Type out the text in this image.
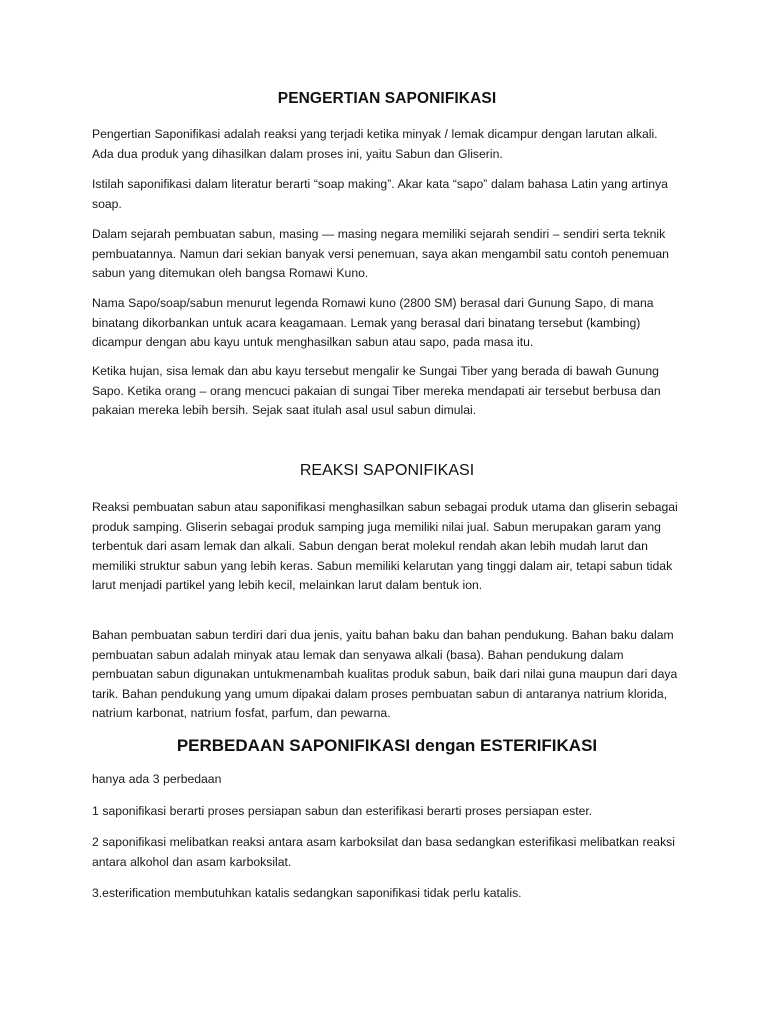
PENGERTIAN SAPONIFIKASI

Pengertian Saponifikasi adalah reaksi yang terjadi ketika minyak / lemak dicampur dengan larutan alkali. Ada dua produk yang dihasilkan dalam proses ini, yaitu Sabun dan Gliserin.

Istilah saponifikasi dalam literatur berarti “soap making”. Akar kata “sapo” dalam bahasa Latin yang artinya soap.

Dalam sejarah pembuatan sabun, masing — masing negara memiliki sejarah sendiri – sendiri serta teknik pembuatannya. Namun dari sekian banyak versi penemuan, saya akan mengambil satu contoh penemuan sabun yang ditemukan oleh bangsa Romawi Kuno.

Nama Sapo/soap/sabun menurut legenda Romawi kuno (2800 SM) berasal dari Gunung Sapo, di mana binatang dikorbankan untuk acara keagamaan. Lemak yang berasal dari binatang tersebut (kambing) dicampur dengan abu kayu untuk menghasilkan sabun atau sapo, pada masa itu.

Ketika hujan, sisa lemak dan abu kayu tersebut mengalir ke Sungai Tiber yang berada di bawah Gunung Sapo. Ketika orang – orang mencuci pakaian di sungai Tiber mereka mendapati air tersebut berbusa dan pakaian mereka lebih bersih. Sejak saat itulah asal usul sabun dimulai.

REAKSI SAPONIFIKASI

Reaksi pembuatan sabun atau saponifikasi menghasilkan sabun sebagai produk utama dan gliserin sebagai produk samping. Gliserin sebagai produk samping juga memiliki nilai jual. Sabun merupakan garam yang terbentuk dari asam lemak dan alkali. Sabun dengan berat molekul rendah akan lebih mudah larut dan memiliki struktur sabun yang lebih keras. Sabun memiliki kelarutan yang tinggi dalam air, tetapi sabun tidak larut menjadi partikel yang lebih kecil, melainkan larut dalam bentuk ion.

Bahan pembuatan sabun terdiri dari dua jenis, yaitu bahan baku dan bahan pendukung. Bahan baku dalam pembuatan sabun adalah minyak atau lemak dan senyawa alkali (basa). Bahan pendukung dalam pembuatan sabun digunakan untukmenambah kualitas produk sabun, baik dari nilai guna maupun dari daya tarik. Bahan pendukung yang umum dipakai dalam proses pembuatan sabun di antaranya natrium klorida, natrium karbonat, natrium fosfat, parfum, dan pewarna.

PERBEDAAN SAPONIFIKASI dengan ESTERIFIKASI

hanya ada 3 perbedaan

1 saponifikasi berarti proses persiapan sabun dan esterifikasi berarti proses persiapan ester.

2 saponifikasi melibatkan reaksi antara asam karboksilat dan basa sedangkan esterifikasi melibatkan reaksi antara alkohol dan asam karboksilat.

3.esterification membutuhkan katalis sedangkan saponifikasi tidak perlu katalis.
